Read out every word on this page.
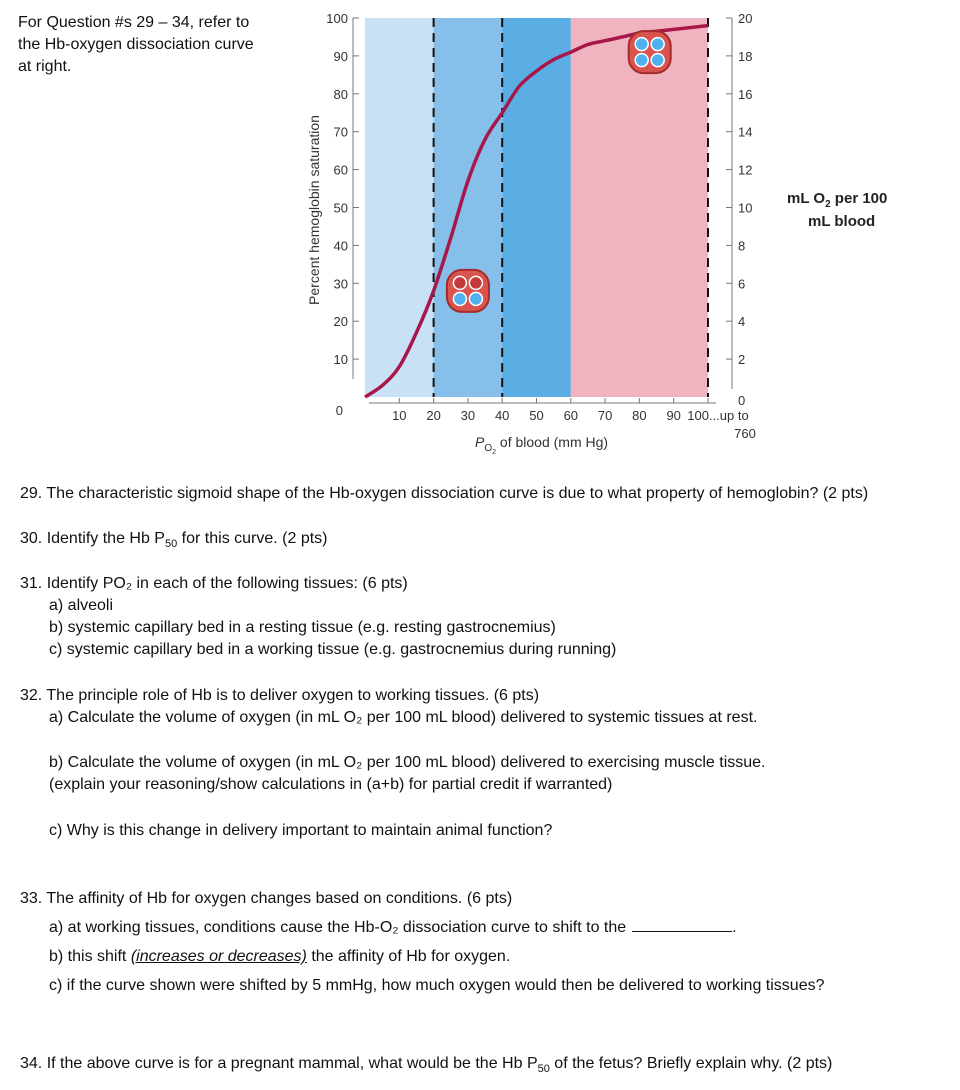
For Question #s 29 – 34, refer to
the Hb-oxygen dissociation curve
at right.
0
10
20
30
40
50
60
70
80
90
100
10 20 30 40 50 60 70 80 90 100...up to
760
0
2
4
6
8
10
12
14
16
18
20
Percent hemoglobin saturation
$P_{O2}$ of blood (mm Hg)
mL $O_2$ per 100
mL blood
29. The characteristic sigmoid shape of the Hb-oxygen dissociation curve is due to what property of hemoglobin? (2 pts)
30. Identify the Hb $P_{50}$ for this curve. (2 pts)
31. Identify PO₂ in each of the following tissues: (6 pts)
a) alveoli
b) systemic capillary bed in a resting tissue (e.g. resting gastrocnemius)
c) systemic capillary bed in a working tissue (e.g. gastrocnemius during running)
32. The principle role of Hb is to deliver oxygen to working tissues. (6 pts)
a) Calculate the volume of oxygen (in mL O₂ per 100 mL blood) delivered to systemic tissues at rest.
b) Calculate the volume of oxygen (in mL O₂ per 100 mL blood) delivered to exercising muscle tissue.
(explain your reasoning/show calculations in (a+b) for partial credit if warranted)
c) Why is this change in delivery important to maintain animal function?
33. The affinity of Hb for oxygen changes based on conditions. (6 pts)
a) at working tissues, conditions cause the Hb-O₂ dissociation curve to shift to the	.
b) this shift (increases or decreases) the affinity of Hb for oxygen.
c) if the curve shown were shifted by 5 mmHg, how much oxygen would then be delivered to working tissues?
34. If the above curve is for a pregnant mammal, what would be the Hb $P_{50}$ of the fetus? Briefly explain why. (2 pts)
